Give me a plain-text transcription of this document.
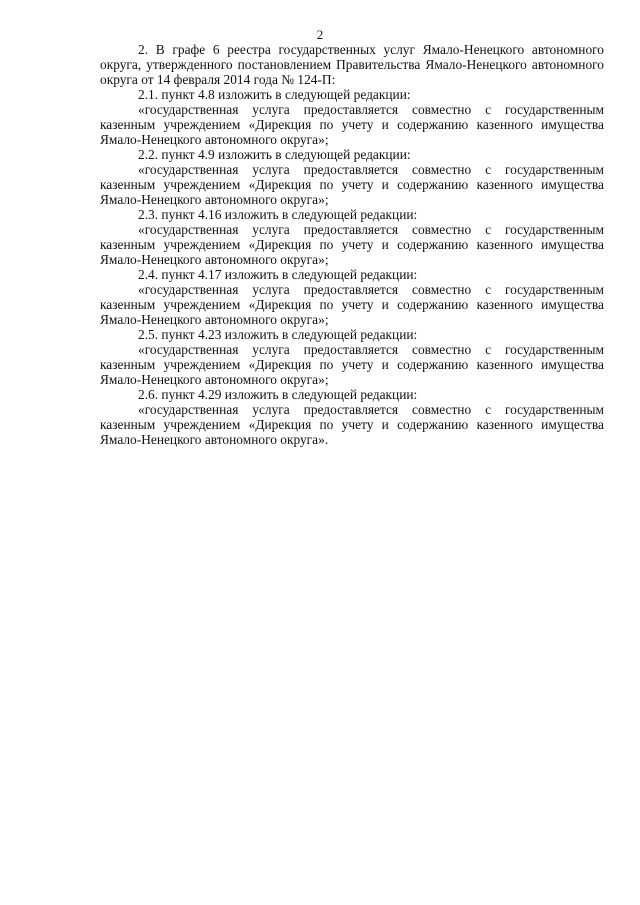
2

2. В графе 6 реестра государственных услуг Ямало-Ненецкого автономного округа, утвержденного постановлением Правительства Ямало-Ненецкого автономного округа от 14 февраля 2014 года № 124-П:

2.1. пункт 4.8 изложить в следующей редакции:

«государственная услуга предоставляется совместно с государственным казенным учреждением «Дирекция по учету и содержанию казенного имущества Ямало-Ненецкого автономного округа»;

2.2. пункт 4.9 изложить в следующей редакции:

«государственная услуга предоставляется совместно с государственным казенным учреждением «Дирекция по учету и содержанию казенного имущества Ямало-Ненецкого автономного округа»;

2.3. пункт 4.16 изложить в следующей редакции:

«государственная услуга предоставляется совместно с государственным казенным учреждением «Дирекция по учету и содержанию казенного имущества Ямало-Ненецкого автономного округа»;

2.4. пункт 4.17 изложить в следующей редакции:

«государственная услуга предоставляется совместно с государственным казенным учреждением «Дирекция по учету и содержанию казенного имущества Ямало-Ненецкого автономного округа»;

2.5. пункт 4.23 изложить в следующей редакции:

«государственная услуга предоставляется совместно с государственным казенным учреждением «Дирекция по учету и содержанию казенного имущества Ямало-Ненецкого автономного округа»;

2.6. пункт 4.29 изложить в следующей редакции:

«государственная услуга предоставляется совместно с государственным казенным учреждением «Дирекция по учету и содержанию казенного имущества Ямало-Ненецкого автономного округа».
